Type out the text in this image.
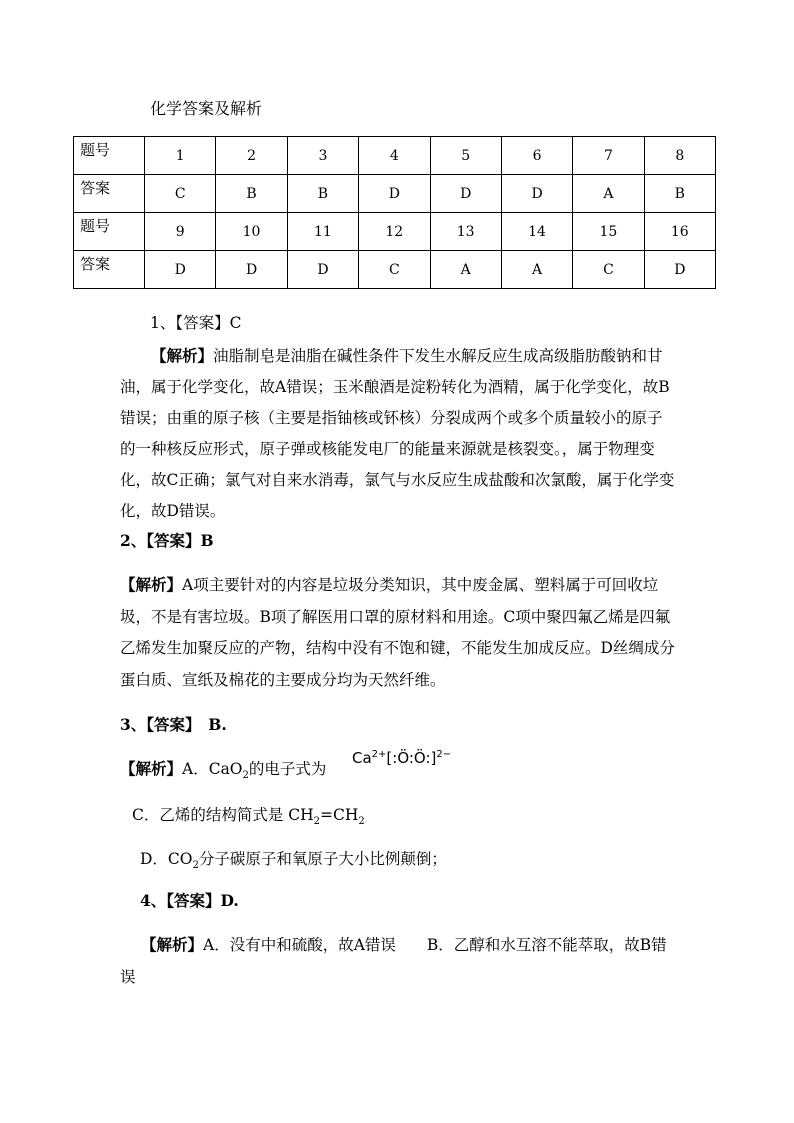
化学答案及解析
题号	1	2	3	4	5	6	7	8
答案	C	B	B	D	D	D	A	B
题号	9	10	11	12	13	14	15	16
答案	D	D	D	C	A	A	C	D
1、【答案】C
【解析】油脂制皂是油脂在碱性条件下发生水解反应生成高级脂肪酸钠和甘油，属于化学变化，故A错误；玉米酿酒是淀粉转化为酒精，属于化学变化，故B错误；由重的原子核（主要是指铀核或钚核）分裂成两个或多个质量较小的原子的一种核反应形式，原子弹或核能发电厂的能量来源就是核裂变。，属于物理变化，故C正确；氯气对自来水消毒，氯气与水反应生成盐酸和次氯酸，属于化学变化，故D错误。
2、【答案】B
【解析】A项主要针对的内容是垃圾分类知识，其中废金属、塑料属于可回收垃圾，不是有害垃圾。B项了解医用口罩的原材料和用途。C项中聚四氟乙烯是四氟乙烯发生加聚反应的产物，结构中没有不饱和键，不能发生加成反应。D丝绸成分蛋白质、宣纸及棉花的主要成分均为天然纤维。
3、【答案】　B.
【解析】A．CaO$_2$的电子式为
$Ca^{2+}[:Ö:Ö:]^{2-}$
C．乙烯的结构简式是 $CH_2=CH_2$
D．$CO_2$分子碳原子和氧原子大小比例颠倒；
4、【答案】D.
【解析】A．没有中和硫酸，故A错误　　B．乙醇和水互溶不能萃取，故B错
误
